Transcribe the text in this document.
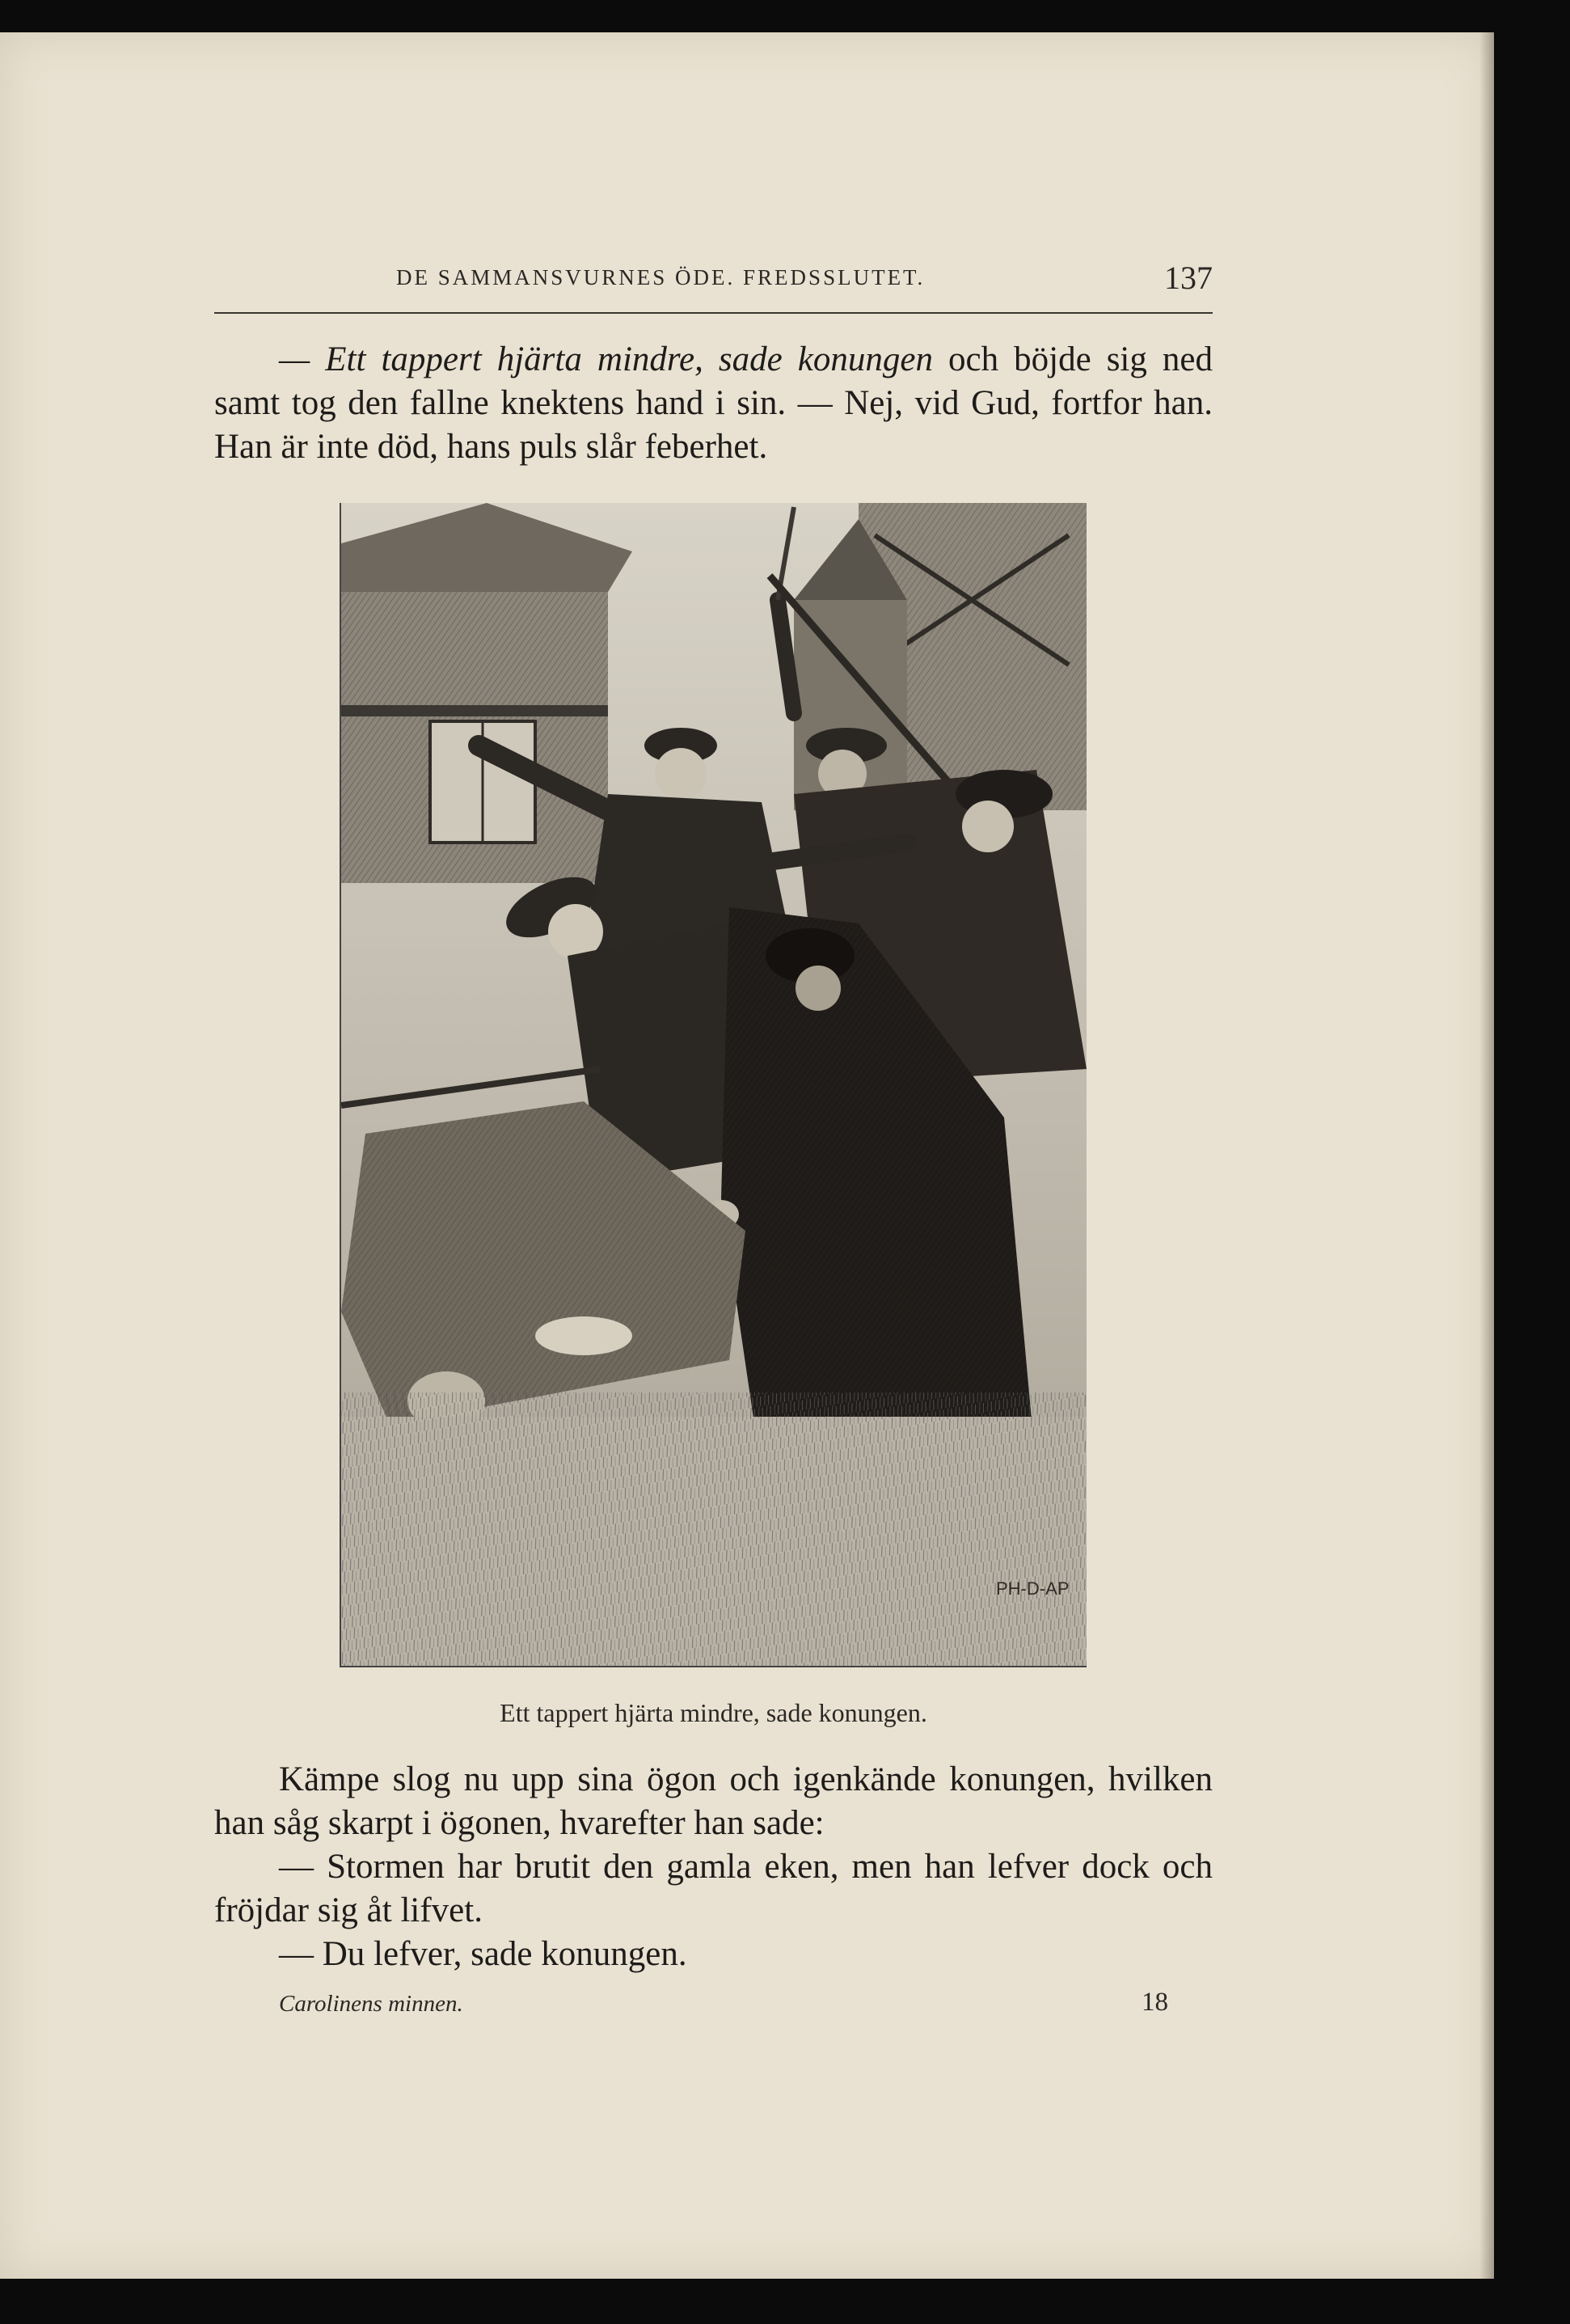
DE SAMMANSVURNES ÖDE. FREDSSLUTET.	137

— Ett tappert hjärta mindre, sade konungen och böjde sig ned samt tog den fallne knektens hand i sin. — Nej, vid Gud, fortfor han. Han är inte död, hans puls slår feberhet.

PH-D-AP
Ett tappert hjärta mindre, sade konungen.

Kämpe slog nu upp sina ögon och igenkände konungen, hvilken han såg skarpt i ögonen, hvarefter han sade:

— Stormen har brutit den gamla eken, men han lefver dock och fröjdar sig åt lifvet.

— Du lefver, sade konungen.

Carolinens minnen.	18
